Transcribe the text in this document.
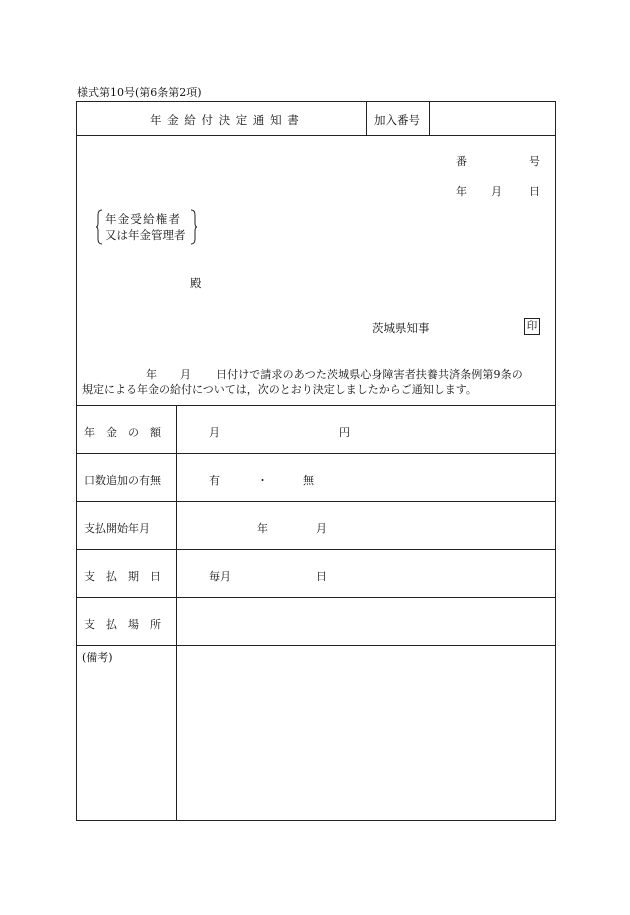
様式第10号(第6条第2項)
年 金 給 付 決 定 通 知 書	加入番号
番	号
年 月 日
年金受給権者
又は年金管理者
殿
茨城県知事	印
年 月 日付けで請求のあつた茨城県心身障害者扶養共済条例第9条の
規定による年金の給付については，次のとおり決定しましたからご通知します。
年　金　の　額	月	円
口数追加の有無	有	・	無
支払開始年月	年	月
支　払　期　日	毎月	日
支　払　場　所
(備考)
